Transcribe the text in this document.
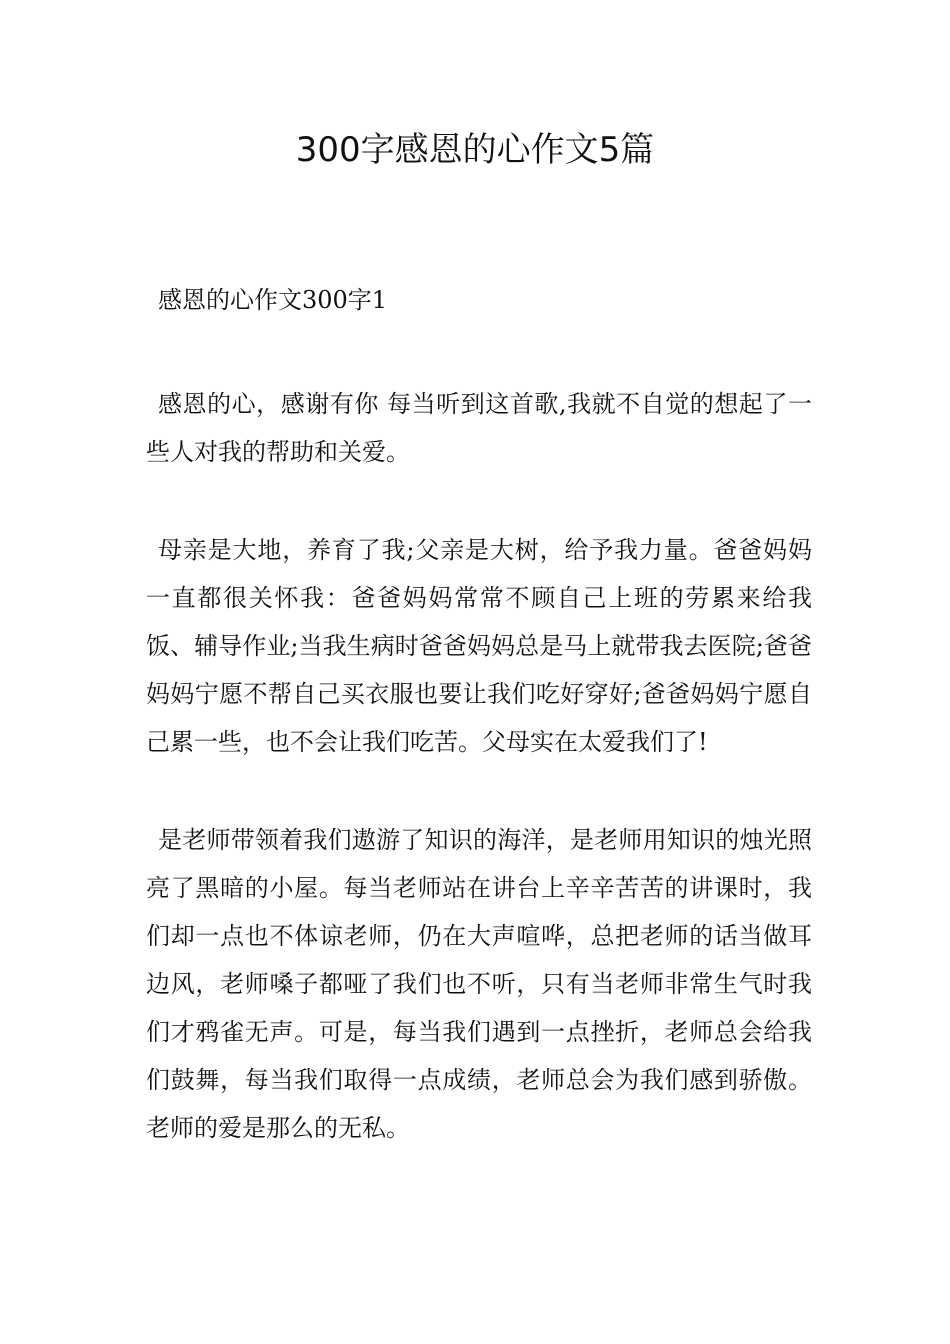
300字感恩的心作文5篇
感恩的心作文300字1

感恩的心，感谢有你 每当听到这首歌,我就不自觉的想起了一些人对我的帮助和关爱。

母亲是大地，养育了我;父亲是大树，给予我力量。爸爸妈妈一直都很关怀我：爸爸妈妈常常不顾自己上班的劳累来给我饭、辅导作业;当我生病时爸爸妈妈总是马上就带我去医院;爸爸妈妈宁愿不帮自己买衣服也要让我们吃好穿好;爸爸妈妈宁愿自己累一些，也不会让我们吃苦。父母实在太爱我们了!

是老师带领着我们遨游了知识的海洋，是老师用知识的烛光照亮了黑暗的小屋。每当老师站在讲台上辛辛苦苦的讲课时，我们却一点也不体谅老师，仍在大声喧哗，总把老师的话当做耳边风，老师嗓子都哑了我们也不听，只有当老师非常生气时我们才鸦雀无声。可是，每当我们遇到一点挫折，老师总会给我们鼓舞，每当我们取得一点成绩，老师总会为我们感到骄傲。老师的爱是那么的无私。
